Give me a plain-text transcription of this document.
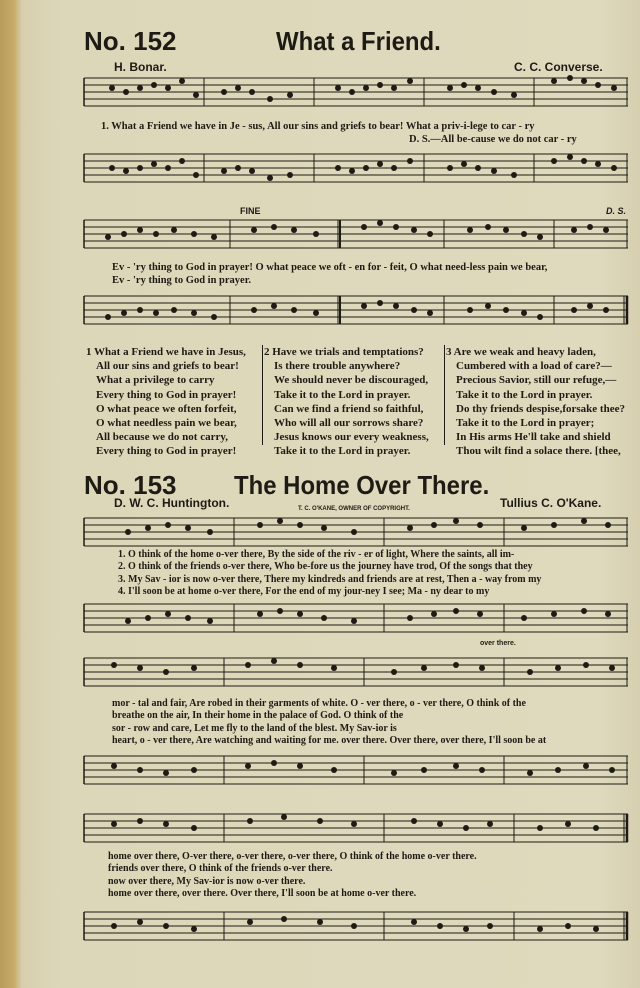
No. 152	What a Friend.
H. Bonar.	C. C. Converse.
1. What a Friend we have in Je - sus, All our sins and griefs to bear! What a priv-i-lege to car - ry
D. S.—All be-cause we do not car - ry
FINE	D. S.
Ev - 'ry thing to God in prayer! O what peace we oft - en for - feit, O what need-less pain we bear,
Ev - 'ry thing to God in prayer.
1 What a Friend we have in Jesus,
All our sins and griefs to bear!
What a privilege to carry
Every thing to God in prayer!
O what peace we often forfeit,
O what needless pain we bear,
All because we do not carry,
Every thing to God in prayer!
2 Have we trials and temptations?
Is there trouble anywhere?
We should never be discouraged,
Take it to the Lord in prayer.
Can we find a friend so faithful,
Who will all our sorrows share?
Jesus knows our every weakness,
Take it to the Lord in prayer.
3 Are we weak and heavy laden,
Cumbered with a load of care?—
Precious Savior, still our refuge,—
Take it to the Lord in prayer.
Do thy friends despise,forsake thee?
Take it to the Lord in prayer;
In His arms He'll take and shield
Thou wilt find a solace there. [thee,
No. 153 The Home Over There.
D. W. C. Huntington.	T. C. O'KANE, OWNER OF COPYRIGHT.	Tullius C. O'Kane.
1. O think of the home o-ver there, By the side of the riv - er of light, Where the saints, all im-
2. O think of the friends o-ver there, Who be-fore us the journey have trod, Of the songs that they
3. My Sav - ior is now o-ver there, There my kindreds and friends are at rest, Then a - way from my
4. I'll soon be at home o-ver there, For the end of my jour-ney I see; Ma - ny dear to my
over there.
mor - tal and fair, Are robed in their garments of white. O - ver there, o - ver there, O think of the
breathe on the air, In their home in the palace of God. O think of the
sor - row and care, Let me fly to the land of the blest. My Sav-ior is
heart, o - ver there, Are watching and waiting for me. over there. Over there, over there, I'll soon be at
home over there, O-ver there, o-ver there, o-ver there, O think of the home o-ver there.
friends over there, O think of the friends o-ver there.
now over there, My Sav-ior is now o-ver there.
home over there, over there. Over there, I'll soon be at home o-ver there.
